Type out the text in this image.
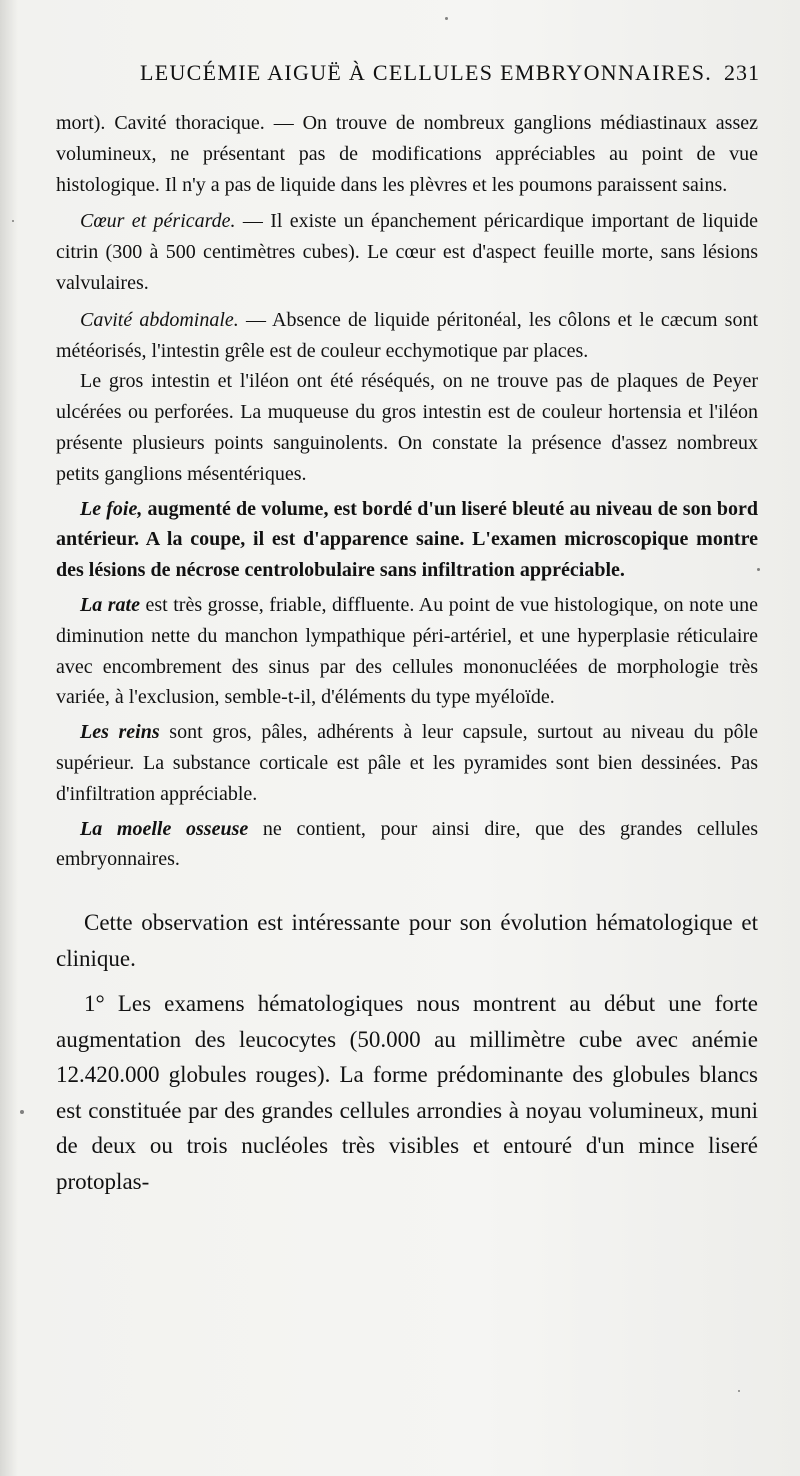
LEUCÉMIE AIGUË À CELLULES EMBRYONNAIRES. 231

mort). Cavité thoracique. — On trouve de nombreux ganglions médiastinaux assez volumineux, ne présentant pas de modifications appréciables au point de vue histologique. Il n'y a pas de liquide dans les plèvres et les poumons paraissent sains.

Cœur et péricarde. — Il existe un épanchement péricardique important de liquide citrin (300 à 500 centimètres cubes). Le cœur est d'aspect feuille morte, sans lésions valvulaires.

Cavité abdominale. — Absence de liquide péritonéal, les côlons et le cæcum sont météorisés, l'intestin grêle est de couleur ecchymotique par places.

Le gros intestin et l'iléon ont été réséqués, on ne trouve pas de plaques de Peyer ulcérées ou perforées. La muqueuse du gros intestin est de couleur hortensia et l'iléon présente plusieurs points sanguinolents. On constate la présence d'assez nombreux petits ganglions mésentériques.

Le foie, augmenté de volume, est bordé d'un liseré bleuté au niveau de son bord antérieur. A la coupe, il est d'apparence saine. L'examen microscopique montre des lésions de nécrose centrolobulaire sans infiltration appréciable.

La rate est très grosse, friable, diffluente. Au point de vue histologique, on note une diminution nette du manchon lympathique péri-artériel, et une hyperplasie réticulaire avec encombrement des sinus par des cellules mononucléées de morphologie très variée, à l'exclusion, semble-t-il, d'éléments du type myéloïde.

Les reins sont gros, pâles, adhérents à leur capsule, surtout au niveau du pôle supérieur. La substance corticale est pâle et les pyramides sont bien dessinées. Pas d'infiltration appréciable.

La moelle osseuse ne contient, pour ainsi dire, que des grandes cellules embryonnaires.

Cette observation est intéressante pour son évolution hématologique et clinique.

1° Les examens hématologiques nous montrent au début une forte augmentation des leucocytes (50.000 au millimètre cube avec anémie 12.420.000 globules rouges). La forme prédominante des globules blancs est constituée par des grandes cellules arrondies à noyau volumineux, muni de deux ou trois nucléoles très visibles et entouré d'un mince liseré protoplas-
